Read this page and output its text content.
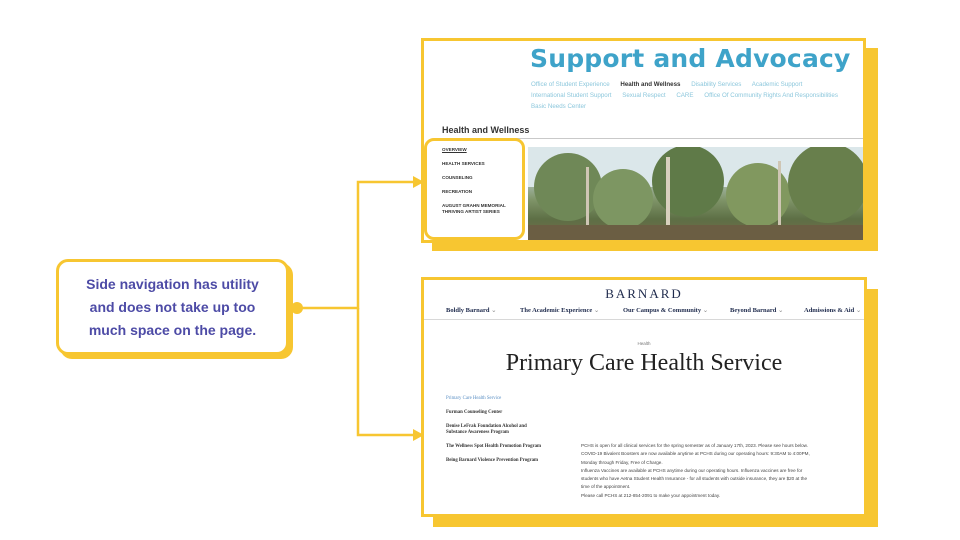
Side navigation has utility and does not take up too much space on the page.
Support and Advocacy
Office of Student Experience Health and Wellness Disability Services Academic Support
International Student Support Sexual Respect CARE Office Of Community Rights And Responsibilities
Basic Needs Center
Health and Wellness
OVERVIEW
HEALTH SERVICES
COUNSELING
RECREATION
AUGUST GRAHN MEMORIAL THRIVING ARTIST SERIES
BARNARD
Boldly Barnard ⌄	The Academic Experience ⌄	Our Campus & Community ⌄	Beyond Barnard ⌄	Admissions & Aid ⌄
Health
Primary Care Health Service
Primary Care Health Service
Furman Counseling Center
Denise LeFrak Foundation Alcohol and Substance Awareness Program
The Wellness Spot Health Promotion Program
Being Barnard Violence Prevention Program
PCHS is open for all clinical services for the spring semester as of January 17th, 2023. Please see hours below.
COVID-19 Bivalent Boosters are now available anytime at PCHS during our operating hours: 9:30AM to 4:00PM,
Monday through Friday, Free of Charge.
Influenza Vaccines are available at PCHS anytime during our operating hours. Influenza vaccines are free for
students who have Aetna Student Health Insurance - for all students with outside insurance, they are $20 at the
time of the appointment.
Please call PCHS at 212-854-2091 to make your appointment today.
